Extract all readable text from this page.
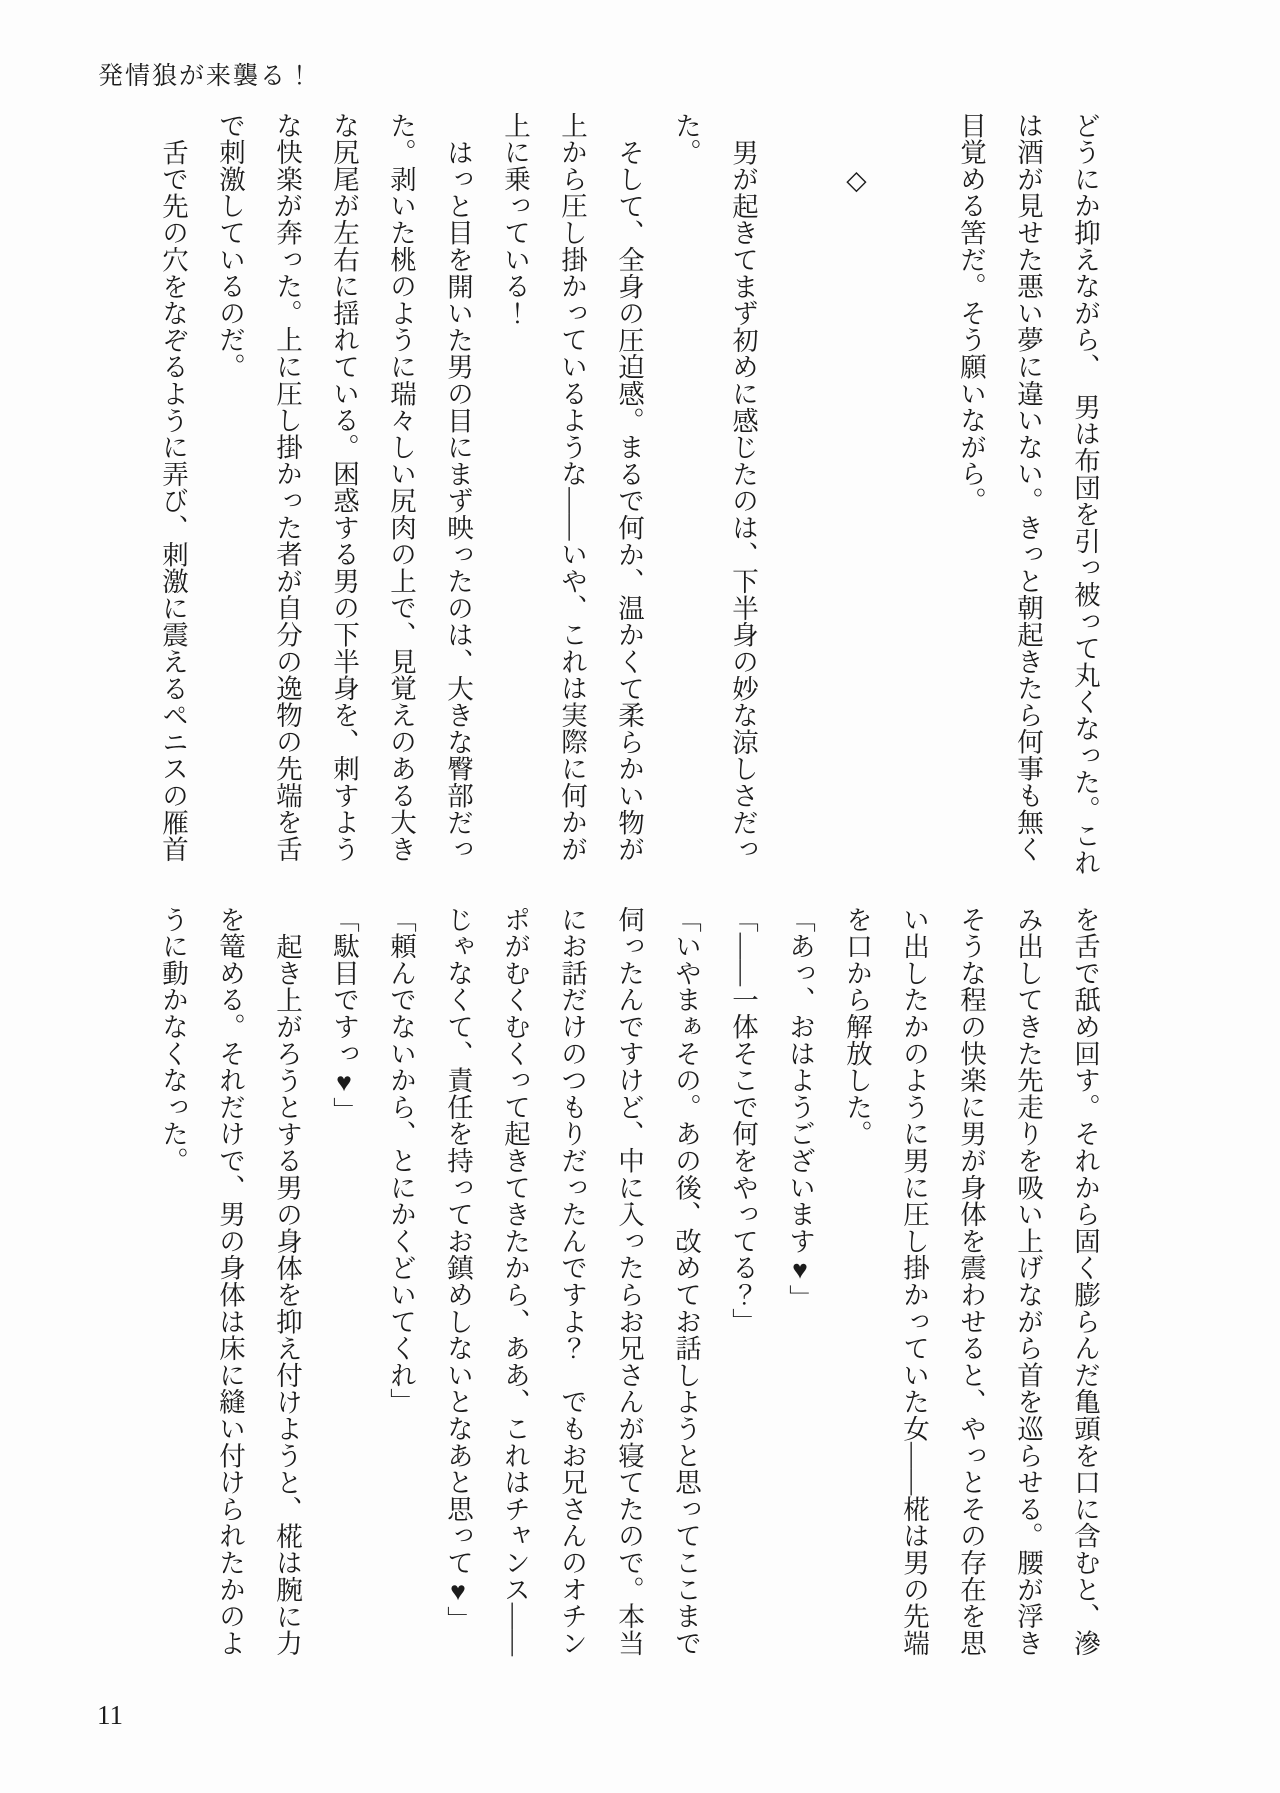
発情狼が来襲る！
どうにか抑えながら、　男は布団を引っ被って丸くなった。これ
は酒が見せた悪い夢に違いない。きっと朝起きたら何事も無く
目覚める筈だ。そう願いながら。
◇
男が起きてまず初めに感じたのは、下半身の妙な涼しさだっ
た。
そして、全身の圧迫感。まるで何か、温かくて柔らかい物が
上から圧し掛かっているような——いや、これは実際に何かが
上に乗っている！
はっと目を開いた男の目にまず映ったのは、大きな臀部だっ
た。剥いた桃のように瑞々しい尻肉の上で、見覚えのある大き
な尻尾が左右に揺れている。困惑する男の下半身を、刺すよう
な快楽が奔った。上に圧し掛かった者が自分の逸物の先端を舌
で刺激しているのだ。
舌で先の穴をなぞるように弄び、刺激に震えるペニスの雁首
を舌で舐め回す。それから固く膨らんだ亀頭を口に含むと、滲
み出してきた先走りを吸い上げながら首を巡らせる。腰が浮き
そうな程の快楽に男が身体を震わせると、やっとその存在を思
い出したかのように男に圧し掛かっていた女——椛は男の先端
を口から解放した。
「あっ、おはようございます♥」
「——一体そこで何をやってる？」
「いやまぁその。あの後、改めてお話しようと思ってここまで
伺ったんですけど、中に入ったらお兄さんが寝てたので。本当
にお話だけのつもりだったんですよ？　でもお兄さんのオチン
ポがむくむくって起きてきたから、ああ、これはチャンス——
じゃなくて、責任を持ってお鎮めしないとなあと思って♥」
「頼んでないから、とにかくどいてくれ」
「駄目ですっ♥」
起き上がろうとする男の身体を抑え付けようと、椛は腕に力
を篭める。それだけで、男の身体は床に縫い付けられたかのよ
うに動かなくなった。
11
